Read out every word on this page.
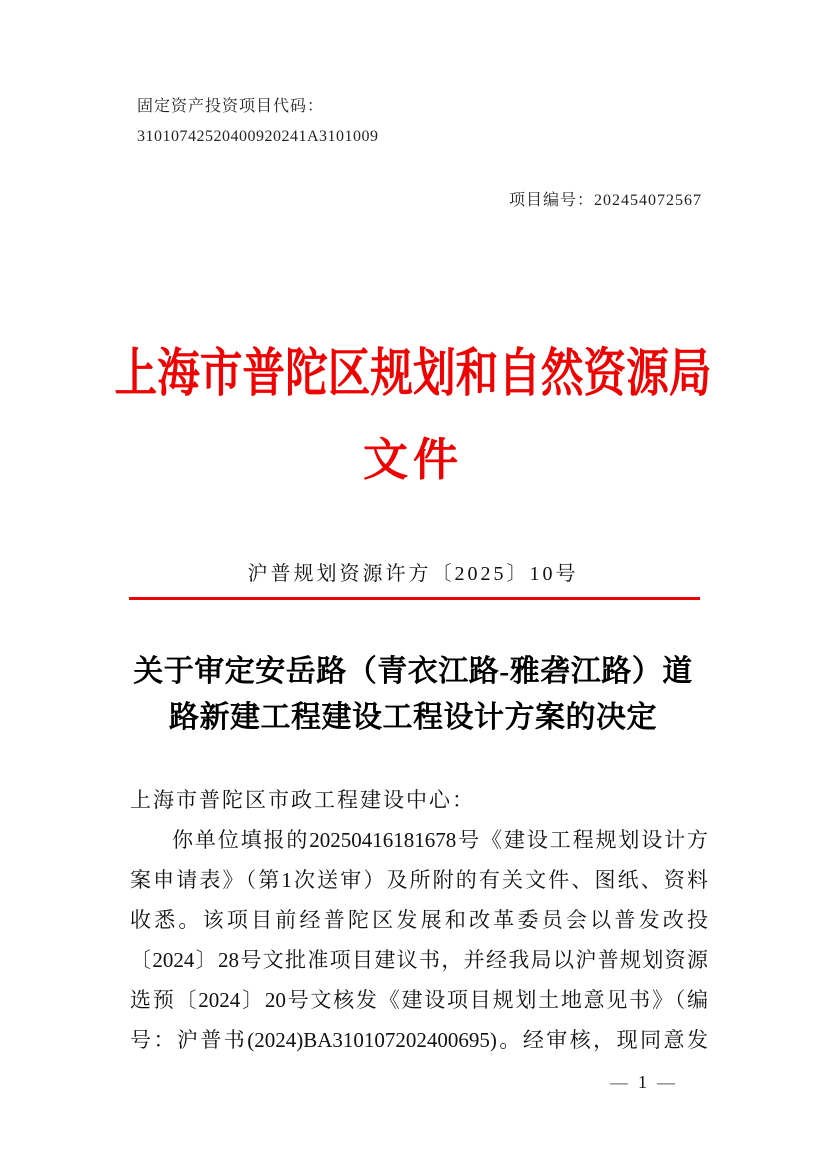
固定资产投资项目代码：
31010742520400920241A3101009
项目编号：202454072567
上海市普陀区规划和自然资源局
文件
沪普规划资源许方〔2025〕10号
关于审定安岳路（青衣江路-雅砻江路）道
路新建工程建设工程设计方案的决定
上海市普陀区市政工程建设中心：
你单位填报的20250416181678号《建设工程规划设计方
案申请表》（第1次送审）及所附的有关文件、图纸、资料
收悉。该项目前经普陀区发展和改革委员会以普发改投
〔2024〕28号文批准项目建议书，并经我局以沪普规划资源
选预〔2024〕20号文核发《建设项目规划土地意见书》（编
号：沪普书(2024)BA310107202400695)。经审核，现同意发
— 1 —
